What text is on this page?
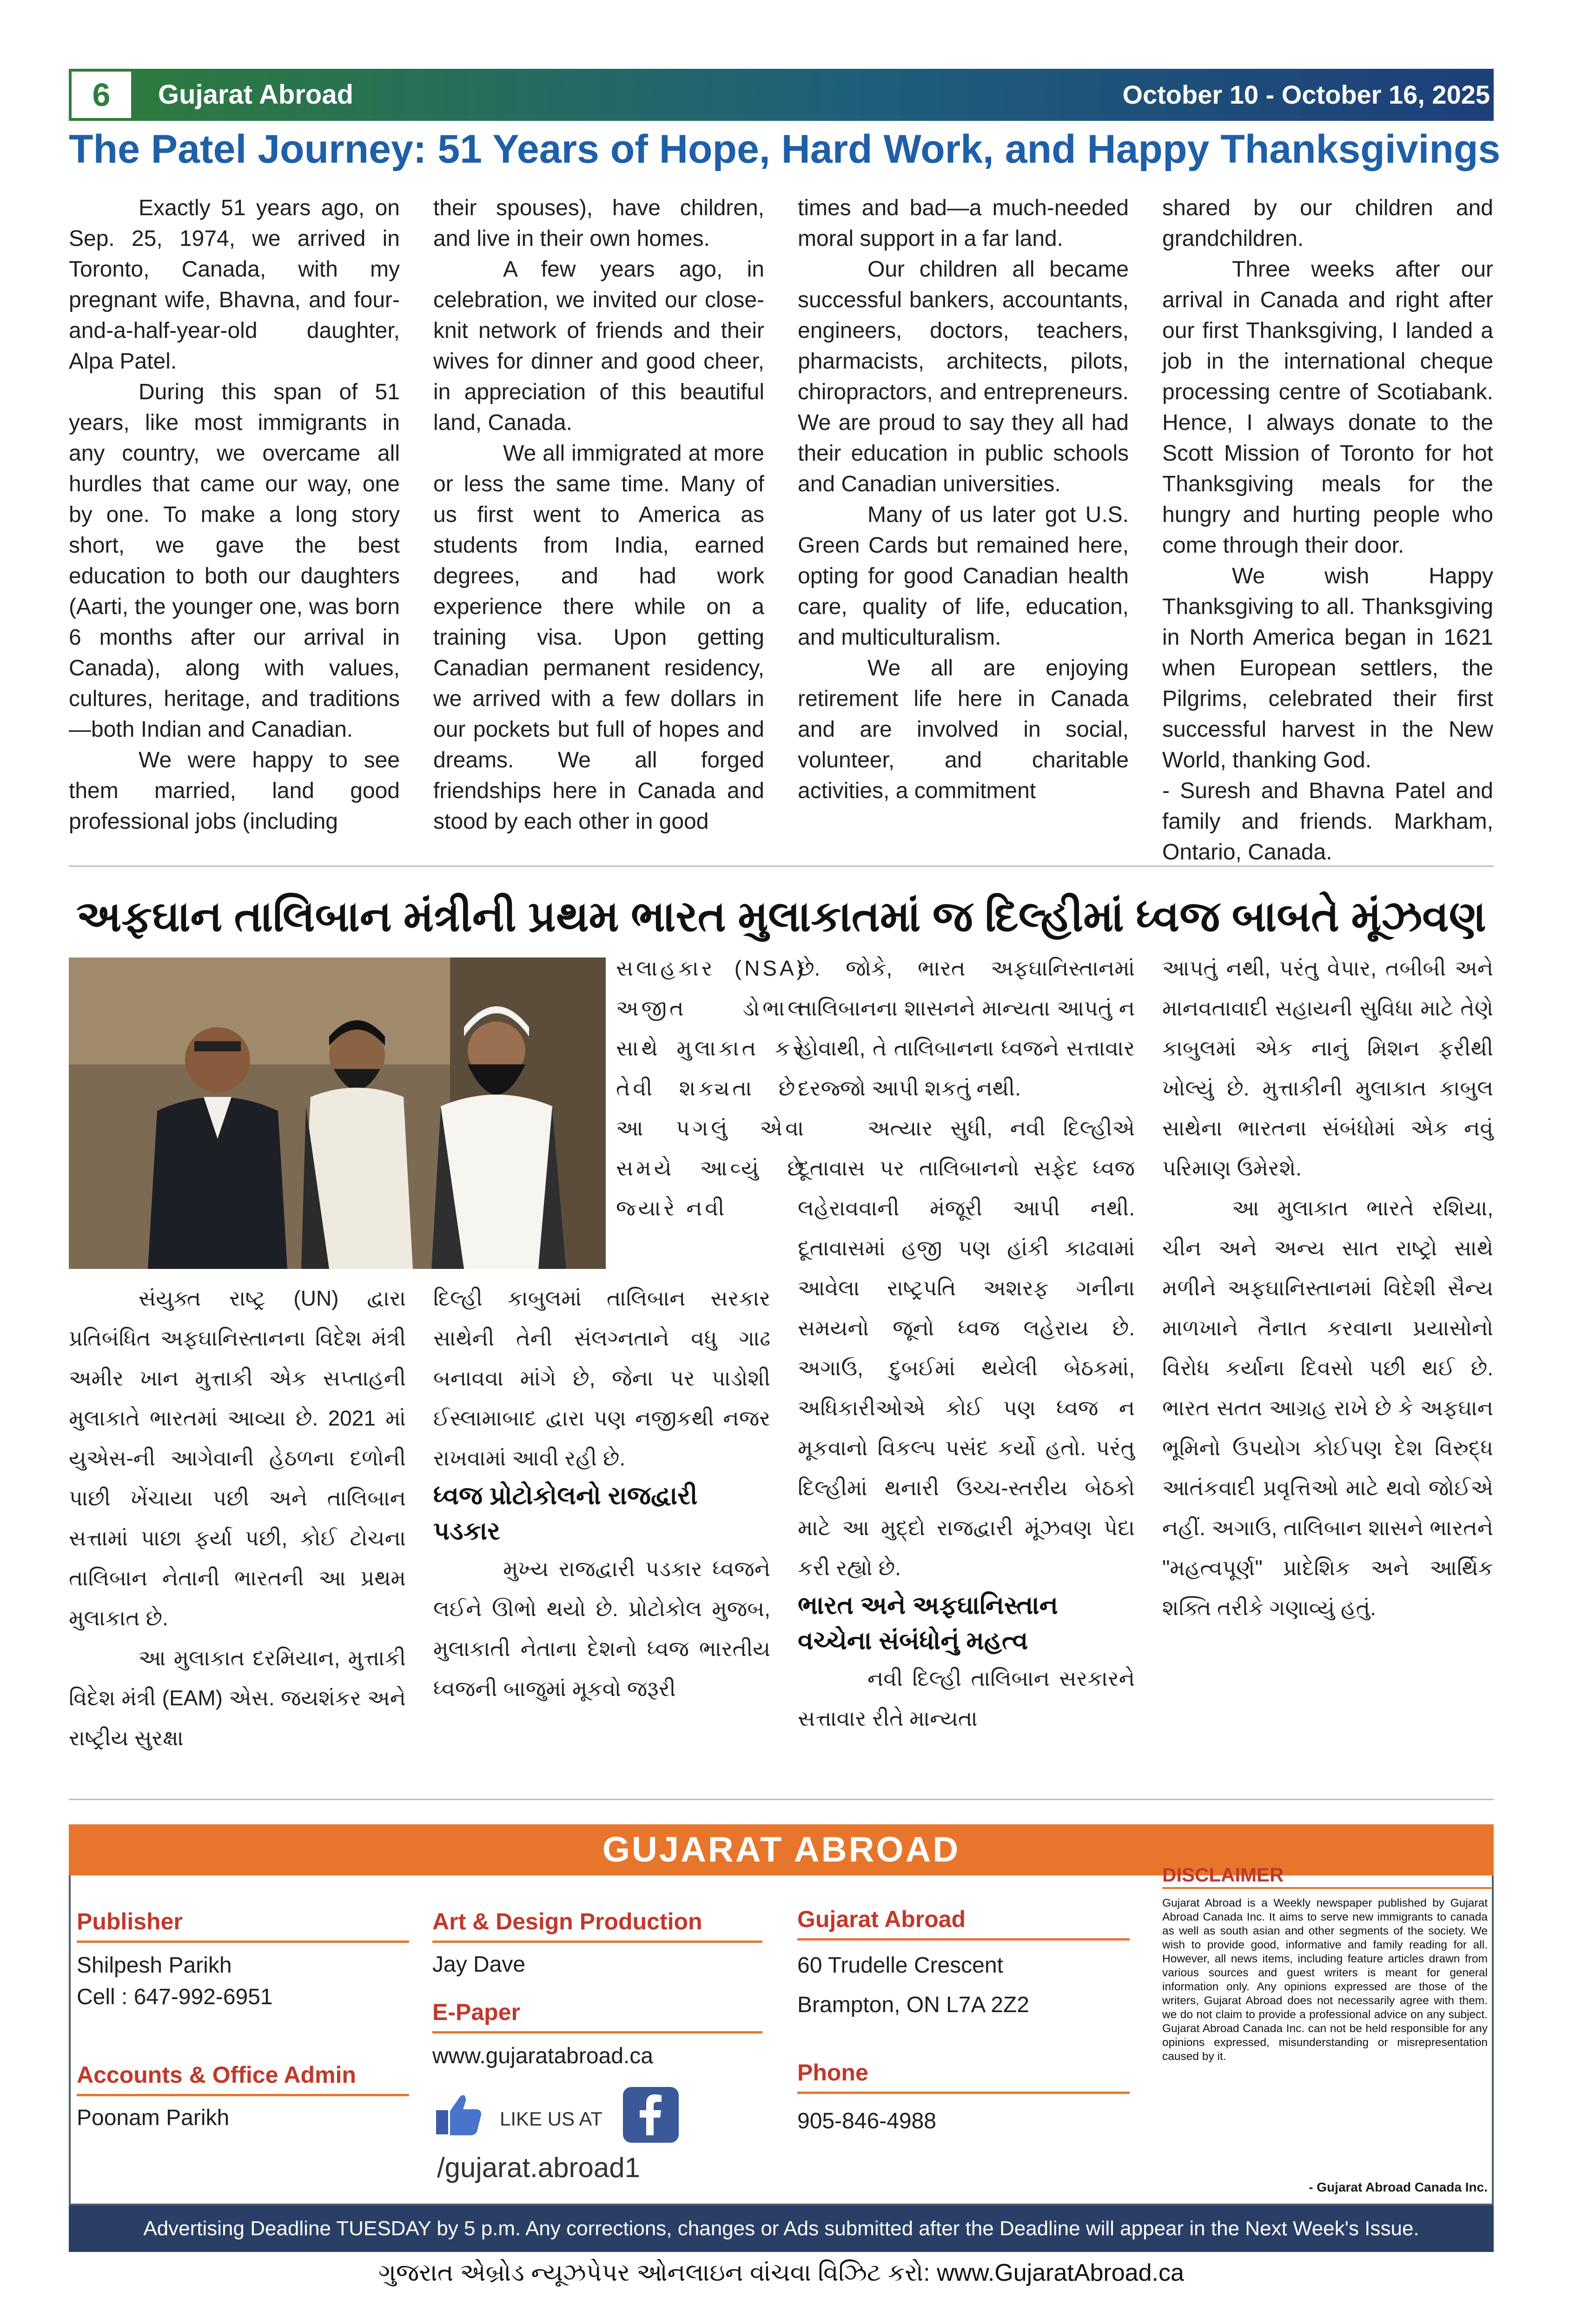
6	Gujarat Abroad	October 10 - October 16, 2025
The Patel Journey: 51 Years of Hope, Hard Work, and Happy Thanksgivings

Exactly 51 years ago, on Sep. 25, 1974, we arrived in Toronto, Canada, with my pregnant wife, Bhavna, and four-and-a-half-year-old daughter, Alpa Patel.

During this span of 51 years, like most immigrants in any country, we overcame all hurdles that came our way, one by one. To make a long story short, we gave the best education to both our daughters (Aarti, the younger one, was born 6 months after our arrival in Canada), along with values, cultures, heritage, and traditions—both Indian and Canadian.

We were happy to see them married, land good professional jobs (including

their spouses), have children, and live in their own homes.

A few years ago, in celebration, we invited our close-knit network of friends and their wives for dinner and good cheer, in appreciation of this beautiful land, Canada.

We all immigrated at more or less the same time. Many of us first went to America as students from India, earned degrees, and had work experience there while on a training visa. Upon getting Canadian permanent residency, we arrived with a few dollars in our pockets but full of hopes and dreams. We all forged friendships here in Canada and stood by each other in good

times and bad—a much-needed moral support in a far land.

Our children all became successful bankers, accountants, engineers, doctors, teachers, pharmacists, architects, pilots, chiropractors, and entrepreneurs. We are proud to say they all had their education in public schools and Canadian universities.

Many of us later got U.S. Green Cards but remained here, opting for good Canadian health care, quality of life, education, and multiculturalism.

We all are enjoying retirement life here in Canada and are involved in social, volunteer, and charitable activities, a commitment

shared by our children and grandchildren.

Three weeks after our arrival in Canada and right after our first Thanksgiving, I landed a job in the international cheque processing centre of Scotiabank. Hence, I always donate to the Scott Mission of Toronto for hot Thanksgiving meals for the hungry and hurting people who come through their door.

We wish Happy Thanksgiving to all. Thanksgiving in North America began in 1621 when European settlers, the Pilgrims, celebrated their first successful harvest in the New World, thanking God.

- Suresh and Bhavna Patel and family and friends. Markham, Ontario, Canada.

અફઘાન તાલિબાન મંત્રીની પ્રથમ ભારત મુલાકાતમાં જ દિલ્હીમાં ધ્વજ બાબતે મૂંઝવણ

સલાહકાર (NSA) અજીત ડોભાલ સાથે મુલાકાત કરે તેવી શક્યતા છે. આ પગલું એવા સમયે આવ્યું છે જ્યારે નવી

સંયુક્ત રાષ્ટ્ર (UN) દ્વારા પ્રતિબંધિત અફઘાનિસ્તાનના વિદેશ મંત્રી અમીર ખાન મુત્તાકી એક સપ્તાહની મુલાકાતે ભારતમાં આવ્યા છે. 2021 માં યુએસ-ની આગેવાની હેઠળના દળોની પાછી ખેંચાયા પછી અને તાલિબાન સત્તામાં પાછા ફર્યા પછી, કોઈ ટોચના તાલિબાન નેતાની ભારતની આ પ્રથમ મુલાકાત છે.

આ મુલાકાત દરમિયાન, મુત્તાકી વિદેશ મંત્રી (EAM) એસ. જયશંકર અને રાષ્ટ્રીય સુરક્ષા

દિલ્હી કાબુલમાં તાલિબાન સરકાર સાથેની તેની સંલગ્નતાને વધુ ગાઢ બનાવવા માંગે છે, જેના પર પાડોશી ઈસ્લામાબાદ દ્વારા પણ નજીકથી નજર રાખવામાં આવી રહી છે.

ધ્વજ પ્રોટોકોલનો રાજદ્વારી પડકાર

મુખ્ય રાજદ્વારી પડકાર ધ્વજને લઈને ઊભો થયો છે. પ્રોટોકોલ મુજબ, મુલાકાતી નેતાના દેશનો ધ્વજ ભારતીય ધ્વજની બાજુમાં મૂકવો જરૂરી

છે. જોકે, ભારત અફઘાનિસ્તાનમાં તાલિબાનના શાસનને માન્યતા આપતું ન હોવાથી, તે તાલિબાનના ધ્વજને સત્તાવાર દરજ્જો આપી શકતું નથી.

અત્યાર સુધી, નવી દિલ્હીએ દૂતાવાસ પર તાલિબાનનો સફેદ ધ્વજ લહેરાવવાની મંજૂરી આપી નથી. દૂતાવાસમાં હજી પણ હાંકી કાઢવામાં આવેલા રાષ્ટ્રપતિ અશરફ ગનીના સમયનો જૂનો ધ્વજ લહેરાય છે. અગાઉ, દુબઈમાં થયેલી બેઠકમાં, અધિકારીઓએ કોઈ પણ ધ્વજ ન મૂકવાનો વિકલ્પ પસંદ કર્યો હતો. પરંતુ દિલ્હીમાં થનારી ઉચ્ચ-સ્તરીય બેઠકો માટે આ મુદ્દો રાજદ્વારી મૂંઝવણ પેદા કરી રહ્યો છે.

ભારત અને અફઘાનિસ્તાન વચ્ચેના સંબંધોનું મહત્વ

નવી દિલ્હી તાલિબાન સરકારને સત્તાવાર રીતે માન્યતા

આપતું નથી, પરંતુ વેપાર, તબીબી અને માનવતાવાદી સહાયની સુવિધા માટે તેણે કાબુલમાં એક નાનું મિશન ફરીથી ખોલ્યું છે. મુત્તાકીની મુલાકાત કાબુલ સાથેના ભારતના સંબંધોમાં એક નવું પરિમાણ ઉમેરશે.

આ મુલાકાત ભારતે રશિયા, ચીન અને અન્ય સાત રાષ્ટ્રો સાથે મળીને અફઘાનિસ્તાનમાં વિદેશી સૈન્ય માળખાને તૈનાત કરવાના પ્રયાસોનો વિરોધ કર્યાના દિવસો પછી થઈ છે. ભારત સતત આગ્રહ રાખે છે કે અફઘાન ભૂમિનો ઉપયોગ કોઈપણ દેશ વિરુદ્ધ આતંકવાદી પ્રવૃત્તિઓ માટે થવો જોઈએ નહીં. અગાઉ, તાલિબાન શાસને ભારતને "મહત્વપૂર્ણ" પ્રાદેશિક અને આર્થિક શક્તિ તરીકે ગણાવ્યું હતું.

GUJARAT ABROAD
Publisher
Shilpesh Parikh
Cell : 647-992-6951
Accounts & Office Admin
Poonam Parikh
Art & Design Production
Jay Dave
E-Paper
www.gujaratabroad.ca
LIKE US AT
/gujarat.abroad1
Gujarat Abroad
60 Trudelle Crescent
Brampton, ON L7A 2Z2
Phone
905-846-4988
DISCLAIMER
Gujarat Abroad is a Weekly newspaper published by Gujarat Abroad Canada Inc. It aims to serve new immigrants to canada as well as south asian and other segments of the society. We wish to provide good, informative and family reading for all. However, all news items, including feature articles drawn from various sources and guest writers is meant for general information only. Any opinions expressed are those of the writers, Gujarat Abroad does not necessarily agree with them. we do not claim to provide a professional advice on any subject. Gujarat Abroad Canada Inc. can not be held responsible for any opinions expressed, misunderstanding or misrepresentation caused by it.
- Gujarat Abroad Canada Inc.
Advertising Deadline TUESDAY by 5 p.m. Any corrections, changes or Ads submitted after the Deadline will appear in the Next Week's Issue.
ગુજરાત એબ્રોડ ન્યૂઝપેપર ઓનલાઇન વાંચવા વિઝિટ કરો: www.GujaratAbroad.ca
